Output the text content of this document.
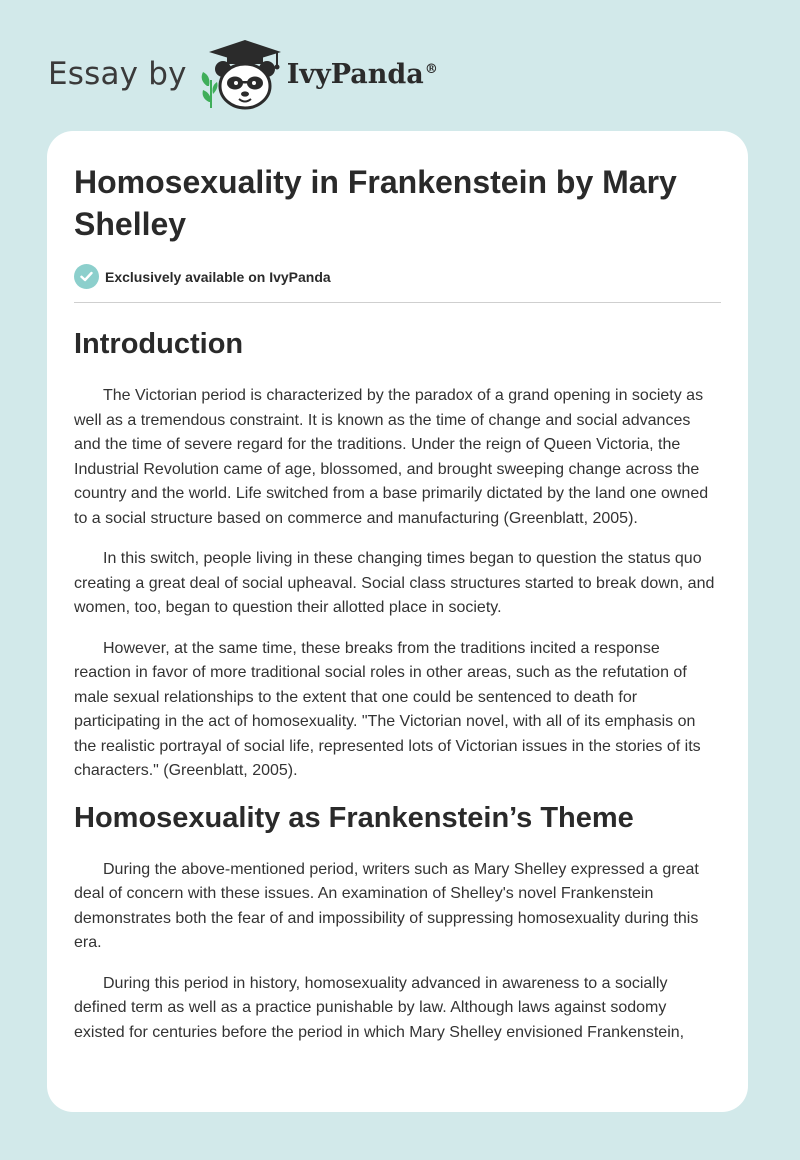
Essay by	IvyPanda®
Homosexuality in Frankenstein by Mary Shelley
Exclusively available on IvyPanda
Introduction

The Victorian period is characterized by the paradox of a grand opening in society as well as a tremendous constraint. It is known as the time of change and social advances and the time of severe regard for the traditions. Under the reign of Queen Victoria, the Industrial Revolution came of age, blossomed, and brought sweeping change across the country and the world. Life switched from a base primarily dictated by the land one owned to a social structure based on commerce and manufacturing (Greenblatt, 2005).

In this switch, people living in these changing times began to question the status quo creating a great deal of social upheaval. Social class structures started to break down, and women, too, began to question their allotted place in society.

However, at the same time, these breaks from the traditions incited a response reaction in favor of more traditional social roles in other areas, such as the refutation of male sexual relationships to the extent that one could be sentenced to death for participating in the act of homosexuality. "The Victorian novel, with all of its emphasis on the realistic portrayal of social life, represented lots of Victorian issues in the stories of its characters." (Greenblatt, 2005).

Homosexuality as Frankenstein’s Theme

During the above-mentioned period, writers such as Mary Shelley expressed a great deal of concern with these issues. An examination of Shelley's novel Frankenstein demonstrates both the fear of and impossibility of suppressing homosexuality during this era.

During this period in history, homosexuality advanced in awareness to a socially defined term as well as a practice punishable by law. Although laws against sodomy existed for centuries before the period in which Mary Shelley envisioned Frankenstein,
